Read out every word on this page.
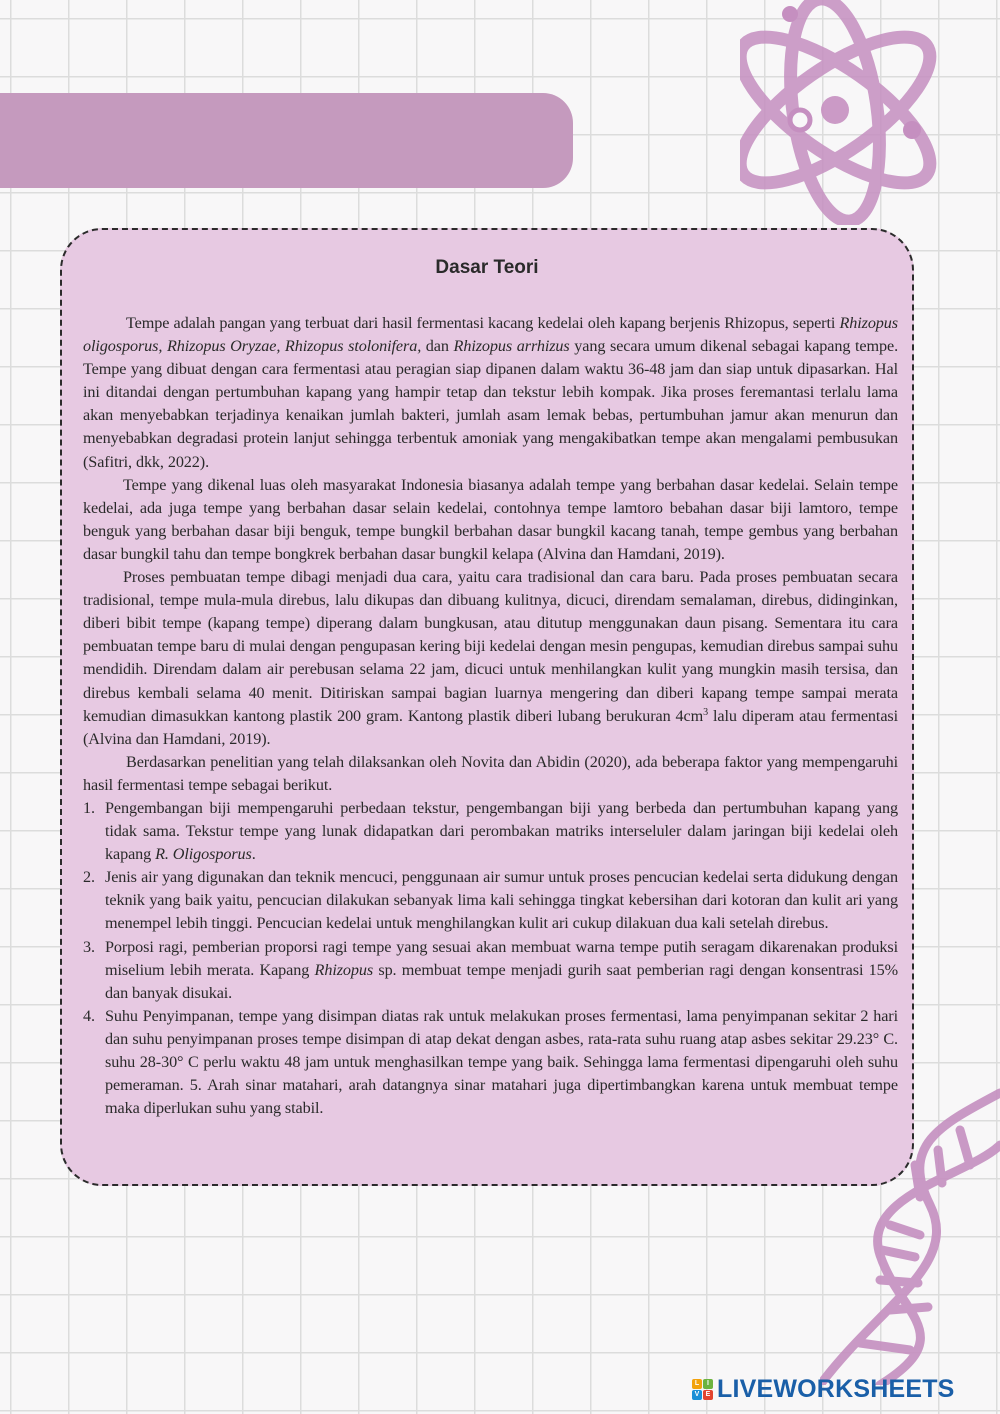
Dasar Teori

Tempe adalah pangan yang terbuat dari hasil fermentasi kacang kedelai oleh kapang berjenis Rhizopus, seperti Rhizopus oligosporus, Rhizopus Oryzae, Rhizopus stolonifera, dan Rhizopus arrhizus yang secara umum dikenal sebagai kapang tempe. Tempe yang dibuat dengan cara fermentasi atau peragian siap dipanen dalam waktu 36-48 jam dan siap untuk dipasarkan. Hal ini ditandai dengan pertumbuhan kapang yang hampir tetap dan tekstur lebih kompak. Jika proses feremantasi terlalu lama akan menyebabkan terjadinya kenaikan jumlah bakteri, jumlah asam lemak bebas, pertumbuhan jamur akan menurun dan menyebabkan degradasi protein lanjut sehingga terbentuk amoniak yang mengakibatkan tempe akan mengalami pembusukan (Safitri, dkk, 2022).

Tempe yang dikenal luas oleh masyarakat Indonesia biasanya adalah tempe yang berbahan dasar kedelai. Selain tempe kedelai, ada juga tempe yang berbahan dasar selain kedelai, contohnya tempe lamtoro bebahan dasar biji lamtoro, tempe benguk yang berbahan dasar biji benguk, tempe bungkil berbahan dasar bungkil kacang tanah, tempe gembus yang berbahan dasar bungkil tahu dan tempe bongkrek berbahan dasar bungkil kelapa (Alvina dan Hamdani, 2019).

Proses pembuatan tempe dibagi menjadi dua cara, yaitu cara tradisional dan cara baru. Pada proses pembuatan secara tradisional, tempe mula-mula direbus, lalu dikupas dan dibuang kulitnya, dicuci, direndam semalaman, direbus, didinginkan, diberi bibit tempe (kapang tempe) diperang dalam bungkusan, atau ditutup menggunakan daun pisang. Sementara itu cara pembuatan tempe baru di mulai dengan pengupasan kering biji kedelai dengan mesin pengupas, kemudian direbus sampai suhu mendidih. Direndam dalam air perebusan selama 22 jam, dicuci untuk menhilangkan kulit yang mungkin masih tersisa, dan direbus kembali selama 40 menit. Ditiriskan sampai bagian luarnya mengering dan diberi kapang tempe sampai merata kemudian dimasukkan kantong plastik 200 gram. Kantong plastik diberi lubang berukuran $4cm^3$ lalu diperam atau fermentasi (Alvina dan Hamdani, 2019).

Berdasarkan penelitian yang telah dilaksankan oleh Novita dan Abidin (2020), ada beberapa faktor yang mempengaruhi hasil fermentasi tempe sebagai berikut.

1. Pengembangan biji mempengaruhi perbedaan tekstur, pengembangan biji yang berbeda dan pertumbuhan kapang yang tidak sama. Tekstur tempe yang lunak didapatkan dari perombakan matriks interseluler dalam jaringan biji kedelai oleh kapang R. Oligosporus.
2. Jenis air yang digunakan dan teknik mencuci, penggunaan air sumur untuk proses pencucian kedelai serta didukung dengan teknik yang baik yaitu, pencucian dilakukan sebanyak lima kali sehingga tingkat kebersihan dari kotoran dan kulit ari yang menempel lebih tinggi. Pencucian kedelai untuk menghilangkan kulit ari cukup dilakuan dua kali setelah direbus.
3. Porposi ragi, pemberian proporsi ragi tempe yang sesuai akan membuat warna tempe putih seragam dikarenakan produksi miselium lebih merata. Kapang Rhizopus sp. membuat tempe menjadi gurih saat pemberian ragi dengan konsentrasi 15% dan banyak disukai.
4. Suhu Penyimpanan, tempe yang disimpan diatas rak untuk melakukan proses fermentasi, lama penyimpanan sekitar 2 hari dan suhu penyimpanan proses tempe disimpan di atap dekat dengan asbes, rata-rata suhu ruang atap asbes sekitar 29.23° C. suhu 28-30° C perlu waktu 48 jam untuk menghasilkan tempe yang baik. Sehingga lama fermentasi dipengaruhi oleh suhu pemeraman. 5. Arah sinar matahari, arah datangnya sinar matahari juga dipertimbangkan karena untuk membuat tempe maka diperlukan suhu yang stabil.
L	I
V E LIVEWORKSHEETS
